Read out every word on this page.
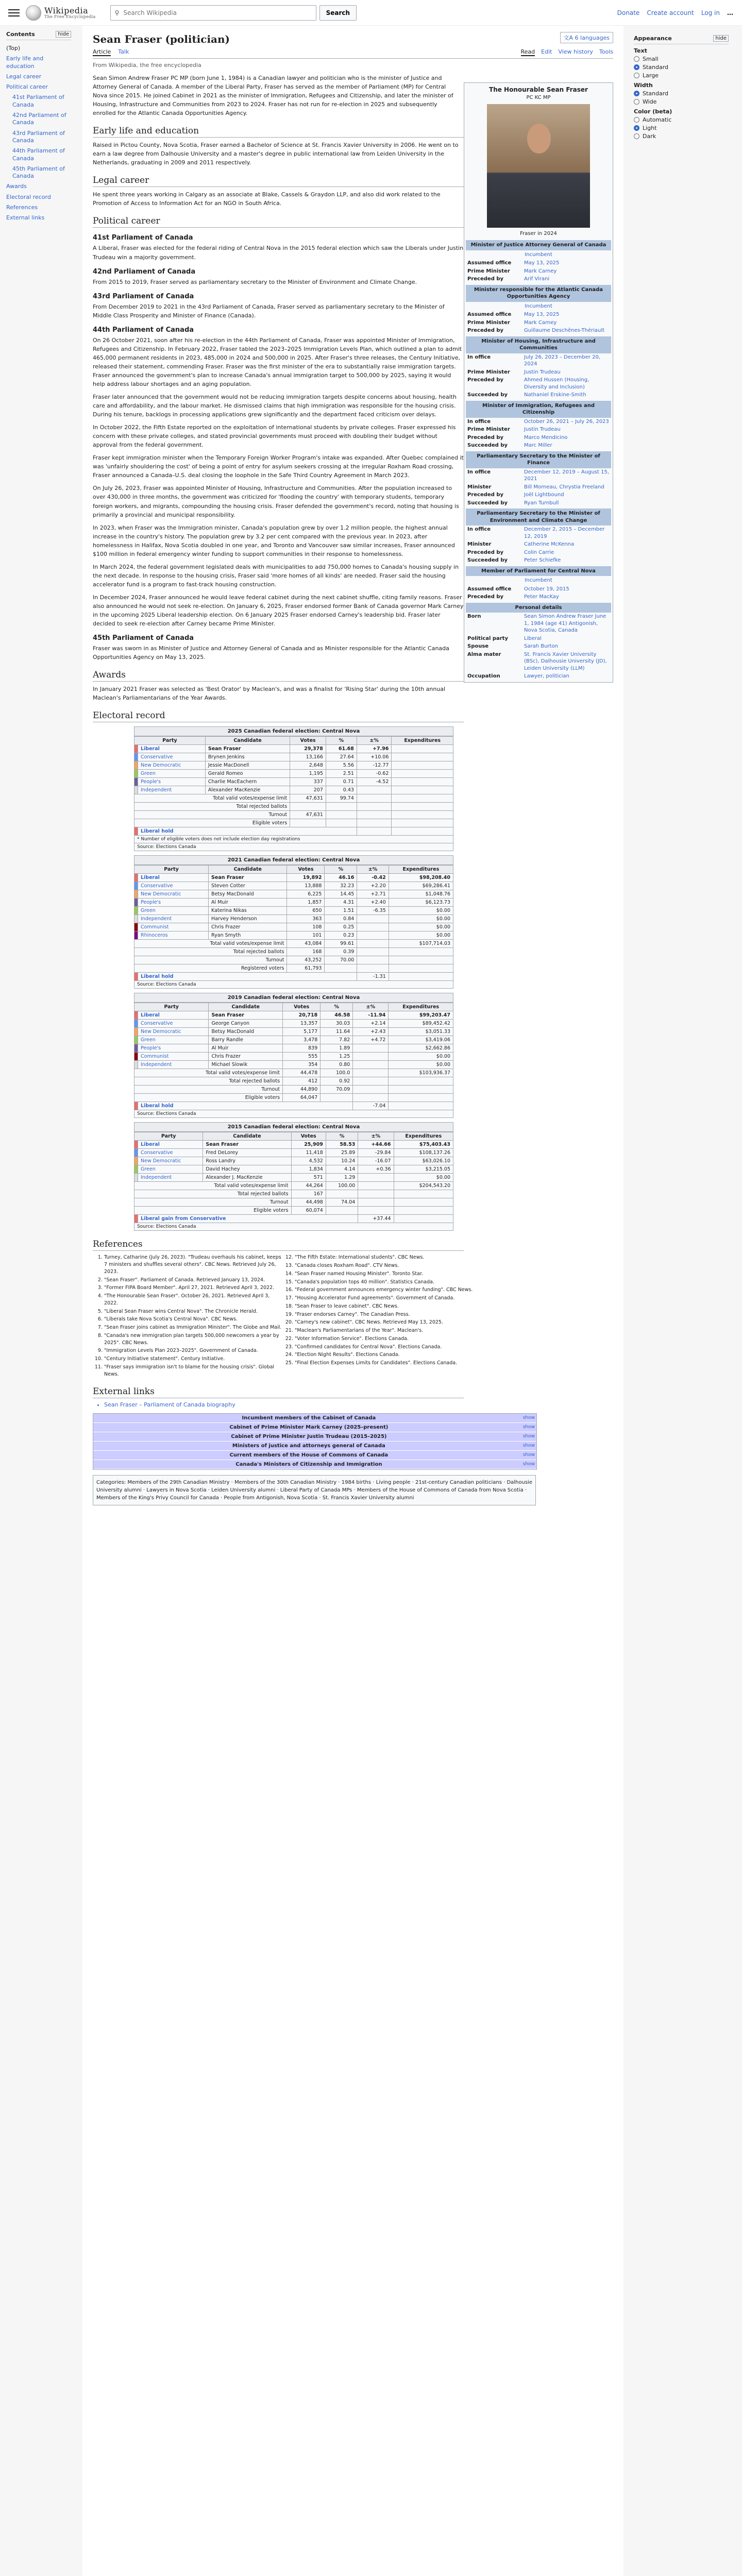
Wikipedia
The Free Encyclopedia
⚲
Search Wikipedia	Search	Donate Create account Log in …
Contents	hide
(Top)
Early life and education
Legal career
Political career
41st Parliament of Canada
42nd Parliament of Canada
43rd Parliament of Canada
44th Parliament of Canada
45th Parliament of Canada
Awards
Electoral record
References
External links
文A 6 languages
Sean Fraser (politician)
Article Talk	Read Edit View history Tools
From Wikipedia, the free encyclopedia
The Honourable Sean Fraser
PC KC MP
Fraser in 2024
Minister of Justice Attorney General of Canada
Incumbent
Assumed office	May 13, 2025
Prime Minister	Mark Carney
Preceded by	Arif Virani
Minister responsible for the Atlantic Canada Opportunities Agency
Incumbent
Assumed office	May 13, 2025
Prime Minister	Mark Carney
Preceded by	Guillaume Deschênes-Thériault
Minister of Housing, Infrastructure and Communities
In office	July 26, 2023 – December 20, 2024
Prime Minister	Justin Trudeau
Preceded by	Ahmed Hussen (Housing, Diversity and Inclusion)
Succeeded by	Nathaniel Erskine-Smith
Minister of Immigration, Refugees and Citizenship
In office	October 26, 2021 – July 26, 2023
Prime Minister	Justin Trudeau
Preceded by	Marco Mendicino
Succeeded by	Marc Miller
Parliamentary Secretary to the Minister of Finance
In office	December 12, 2019 – August 15, 2021
Minister	Bill Morneau, Chrystia Freeland
Preceded by	Joël Lightbound
Succeeded by	Ryan Turnbull
Parliamentary Secretary to the Minister of Environment and Climate Change
In office	December 2, 2015 – December 12, 2019
Minister	Catherine McKenna
Preceded by	Colin Carrie
Succeeded by	Peter Schiefke
Member of Parliament for Central Nova
Incumbent
Assumed office	October 19, 2015
Preceded by	Peter MacKay
Personal details
Born	Sean Simon Andrew Fraser June 1, 1984 (age 41) Antigonish, Nova Scotia, Canada
Political party	Liberal
Spouse	Sarah Burton
Alma mater	St. Francis Xavier University (BSc), Dalhousie University (JD), Leiden University (LLM)
Occupation	Lawyer, politician
Sean Simon Andrew Fraser PC MP (born June 1, 1984) is a Canadian lawyer and politician who is the minister of Justice and Attorney General of Canada. A member of the Liberal Party, Fraser has served as the member of Parliament (MP) for Central Nova since 2015. He joined Cabinet in 2021 as the minister of Immigration, Refugees and Citizenship, and later the minister of Housing, Infrastructure and Communities from 2023 to 2024. Fraser has not run for re-election in 2025 and subsequently enrolled for the Atlantic Canada Opportunities Agency.
Early life and education

Raised in Pictou County, Nova Scotia, Fraser earned a Bachelor of Science at St. Francis Xavier University in 2006. He went on to earn a law degree from Dalhousie University and a master's degree in public international law from Leiden University in the Netherlands, graduating in 2009 and 2011 respectively.

Legal career

He spent three years working in Calgary as an associate at Blake, Cassels & Graydon LLP, and also did work related to the Promotion of Access to Information Act for an NGO in South Africa.

Political career
41st Parliament of Canada

A Liberal, Fraser was elected for the federal riding of Central Nova in the 2015 federal election which saw the Liberals under Justin Trudeau win a majority government.

42nd Parliament of Canada

From 2015 to 2019, Fraser served as parliamentary secretary to the Minister of Environment and Climate Change.

43rd Parliament of Canada

From December 2019 to 2021 in the 43rd Parliament of Canada, Fraser served as parliamentary secretary to the Minister of Middle Class Prosperity and Minister of Finance (Canada).

44th Parliament of Canada

On 26 October 2021, soon after his re-election in the 44th Parliament of Canada, Fraser was appointed Minister of Immigration, Refugees and Citizenship. In February 2022, Fraser tabled the 2023–2025 Immigration Levels Plan, which outlined a plan to admit 465,000 permanent residents in 2023, 485,000 in 2024 and 500,000 in 2025. After Fraser's three releases, the Century Initiative, released their statement, commending Fraser. Fraser was the first minister of the era to substantially raise immigration targets. Fraser announced the government's plan to increase Canada's annual immigration target to 500,000 by 2025, saying it would help address labour shortages and an aging population.

Fraser later announced that the government would not be reducing immigration targets despite concerns about housing, health care and affordability, and the labour market. He dismissed claims that high immigration was responsible for the housing crisis. During his tenure, backlogs in processing applications grew significantly and the department faced criticism over delays.

In October 2022, the Fifth Estate reported on the exploitation of international students by private colleges. Fraser expressed his concern with these private colleges, and stated provincial governments must proceed with doubling their budget without approval from the federal government.

Fraser kept immigration minister when the Temporary Foreign Worker Program's intake was expanded. After Quebec complained it was 'unfairly shouldering the cost' of being a point of entry for asylum seekers crossing at the irregular Roxham Road crossing, Fraser announced a Canada–U.S. deal closing the loophole in the Safe Third Country Agreement in March 2023.

On July 26, 2023, Fraser was appointed Minister of Housing, Infrastructure and Communities. After the population increased to over 430,000 in three months, the government was criticized for 'flooding the country' with temporary students, temporary foreign workers, and migrants, compounding the housing crisis. Fraser defended the government's record, noting that housing is primarily a provincial and municipal responsibility.

In 2023, when Fraser was the Immigration minister, Canada's population grew by over 1.2 million people, the highest annual increase in the country's history. The population grew by 3.2 per cent compared with the previous year. In 2023, after homelessness in Halifax, Nova Scotia doubled in one year, and Toronto and Vancouver saw similar increases, Fraser announced $100 million in federal emergency winter funding to support communities in their response to homelessness.

In March 2024, the federal government legislated deals with municipalities to add 750,000 homes to Canada's housing supply in the next decade. In response to the housing crisis, Fraser said 'more homes of all kinds' are needed. Fraser said the housing accelerator fund is a program to fast-track housing construction.

In December 2024, Fraser announced he would leave federal cabinet during the next cabinet shuffle, citing family reasons. Fraser also announced he would not seek re-election. On January 6, 2025, Fraser endorsed former Bank of Canada governor Mark Carney in the upcoming 2025 Liberal leadership election. On 6 January 2025 Fraser endorsed Carney's leadership bid. Fraser later decided to seek re-election after Carney became Prime Minister.

45th Parliament of Canada

Fraser was sworn in as Minister of Justice and Attorney General of Canada and as Minister responsible for the Atlantic Canada Opportunities Agency on May 13, 2025.

Awards

In January 2021 Fraser was selected as 'Best Orator' by Maclean's, and was a finalist for 'Rising Star' during the 10th annual Maclean's Parliamentarians of the Year Awards.

Electoral record
2025 Canadian federal election: Central Nova
Party		Candidate	Votes	%	±%	Expenditures
	Liberal	Sean Fraser	29,378	61.68	+7.96	
	Conservative	Brynen Jenkins	13,166	27.64	+10.06	
	New Democratic	Jessie MacDonell	2,648	5.56	-12.77	
	Green	Gerald Romeo	1,195	2.51	-0.62	
	People's	Charlie MacEachern	337	0.71	-4.52	
	Independent	Alexander MacKenzie	207	0.43		
Total valid votes/expense limit			47,631	99.74		
Total rejected ballots						
Turnout			47,631			
Eligible voters						
	Liberal hold					
* Number of eligible voters does not include election day registrations						
Source: Elections Canada						
2021 Canadian federal election: Central Nova
Party		Candidate	Votes	%	±%	Expenditures
	Liberal	Sean Fraser	19,892	46.16	-0.42	$98,208.40
	Conservative	Steven Cotter	13,888	32.23	+2.20	$69,286.41
	New Democratic	Betsy MacDonald	6,225	14.45	+2.71	$1,048.76
	People's	Al Muir	1,857	4.31	+2.40	$6,123.73
	Green	Katerina Nikas	650	1.51	-6.35	$0.00
	Independent	Harvey Henderson	363	0.84		$0.00
	Communist	Chris Frazer	108	0.25		$0.00
	Rhinoceros	Ryan Smyth	101	0.23		$0.00
Total valid votes/expense limit			43,084	99.61		$107,714.03
Total rejected ballots			168	0.39		
Turnout			43,252	70.00		
Registered voters			61,793			
	Liberal hold				-1.31	
Source: Elections Canada						
2019 Canadian federal election: Central Nova
Party		Candidate	Votes	%	±%	Expenditures
	Liberal	Sean Fraser	20,718	46.58	-11.94	$99,203.47
	Conservative	George Canyon	13,357	30.03	+2.14	$89,452.42
	New Democratic	Betsy MacDonald	5,177	11.64	+2.43	$3,051.33
	Green	Barry Randle	3,478	7.82	+4.72	$3,419.06
	People's	Al Muir	839	1.89		$2,662.86
	Communist	Chris Frazer	555	1.25		$0.00
	Independent	Michael Slowik	354	0.80		$0.00
Total valid votes/expense limit			44,478	100.0		$103,936.37
Total rejected ballots			412	0.92		
Turnout			44,890	70.09		
Eligible voters			64,047			
	Liberal hold				-7.04	
Source: Elections Canada						
2015 Canadian federal election: Central Nova
Party		Candidate	Votes	%	±%	Expenditures
	Liberal	Sean Fraser	25,909	58.53	+44.66	$75,403.43
	Conservative	Fred DeLorey	11,418	25.89	-29.84	$108,137.26
	New Democratic	Ross Landry	4,532	10.24	-16.07	$63,026.10
	Green	David Hachey	1,834	4.14	+0.36	$3,215.05
	Independent	Alexander J. MacKenzie	571	1.29		$0.00
Total valid votes/expense limit			44,264	100.00		$204,543.20
Total rejected ballots			167			
Turnout			44,498	74.04		
Eligible voters			60,074			
	Liberal gain from Conservative				+37.44	
Source: Elections Canada						
References
1. Turney, Catharine (July 26, 2023). "Trudeau overhauls his cabinet, keeps 7 ministers and shuffles several others". CBC News. Retrieved July 26, 2023.
2. "Sean Fraser". Parliament of Canada. Retrieved January 13, 2024.
3. "Former FIPA Board Member". April 27, 2021. Retrieved April 3, 2022.
4. "The Honourable Sean Fraser". October 26, 2021. Retrieved April 3, 2022.
5. "Liberal Sean Fraser wins Central Nova". The Chronicle Herald.
6. "Liberals take Nova Scotia's Central Nova". CBC News.
7. "Sean Fraser joins cabinet as Immigration Minister". The Globe and Mail.
8. "Canada's new immigration plan targets 500,000 newcomers a year by 2025". CBC News.
9. "Immigration Levels Plan 2023–2025". Government of Canada.
10. "Century Initiative statement". Century Initiative.
11. "Fraser says immigration isn't to blame for the housing crisis". Global News.
12. "The Fifth Estate: International students". CBC News.
13. "Canada closes Roxham Road". CTV News.
14. "Sean Fraser named Housing Minister". Toronto Star.
15. "Canada's population tops 40 million". Statistics Canada.
16. "Federal government announces emergency winter funding". CBC News.
17. "Housing Accelerator Fund agreements". Government of Canada.
18. "Sean Fraser to leave cabinet". CBC News.
19. "Fraser endorses Carney". The Canadian Press.
20. "Carney's new cabinet". CBC News. Retrieved May 13, 2025.
21. "Maclean's Parliamentarians of the Year". Maclean's.
22. "Voter Information Service". Elections Canada.
23. "Confirmed candidates for Central Nova". Elections Canada.
24. "Election Night Results". Elections Canada.
25. "Final Election Expenses Limits for Candidates". Elections Canada.
External links
• Sean Fraser – Parliament of Canada biography
show
Incumbent members of the Cabinet of Canada
show
Cabinet of Prime Minister Mark Carney (2025–present)
show
Cabinet of Prime Minister Justin Trudeau (2015–2025)
show
Ministers of justice and attorneys general of Canada
show
Current members of the House of Commons of Canada
show
Canada's Ministers of Citizenship and Immigration
Categories: Members of the 29th Canadian Ministry · Members of the 30th Canadian Ministry · 1984 births · Living people · 21st-century Canadian politicians · Dalhousie University alumni · Lawyers in Nova Scotia · Leiden University alumni · Liberal Party of Canada MPs · Members of the House of Commons of Canada from Nova Scotia · Members of the King's Privy Council for Canada · People from Antigonish, Nova Scotia · St. Francis Xavier University alumni
Appearance	hide
Text
Small
Standard
Large
Width
Standard
Wide
Color (beta)
Automatic
Light
Dark
